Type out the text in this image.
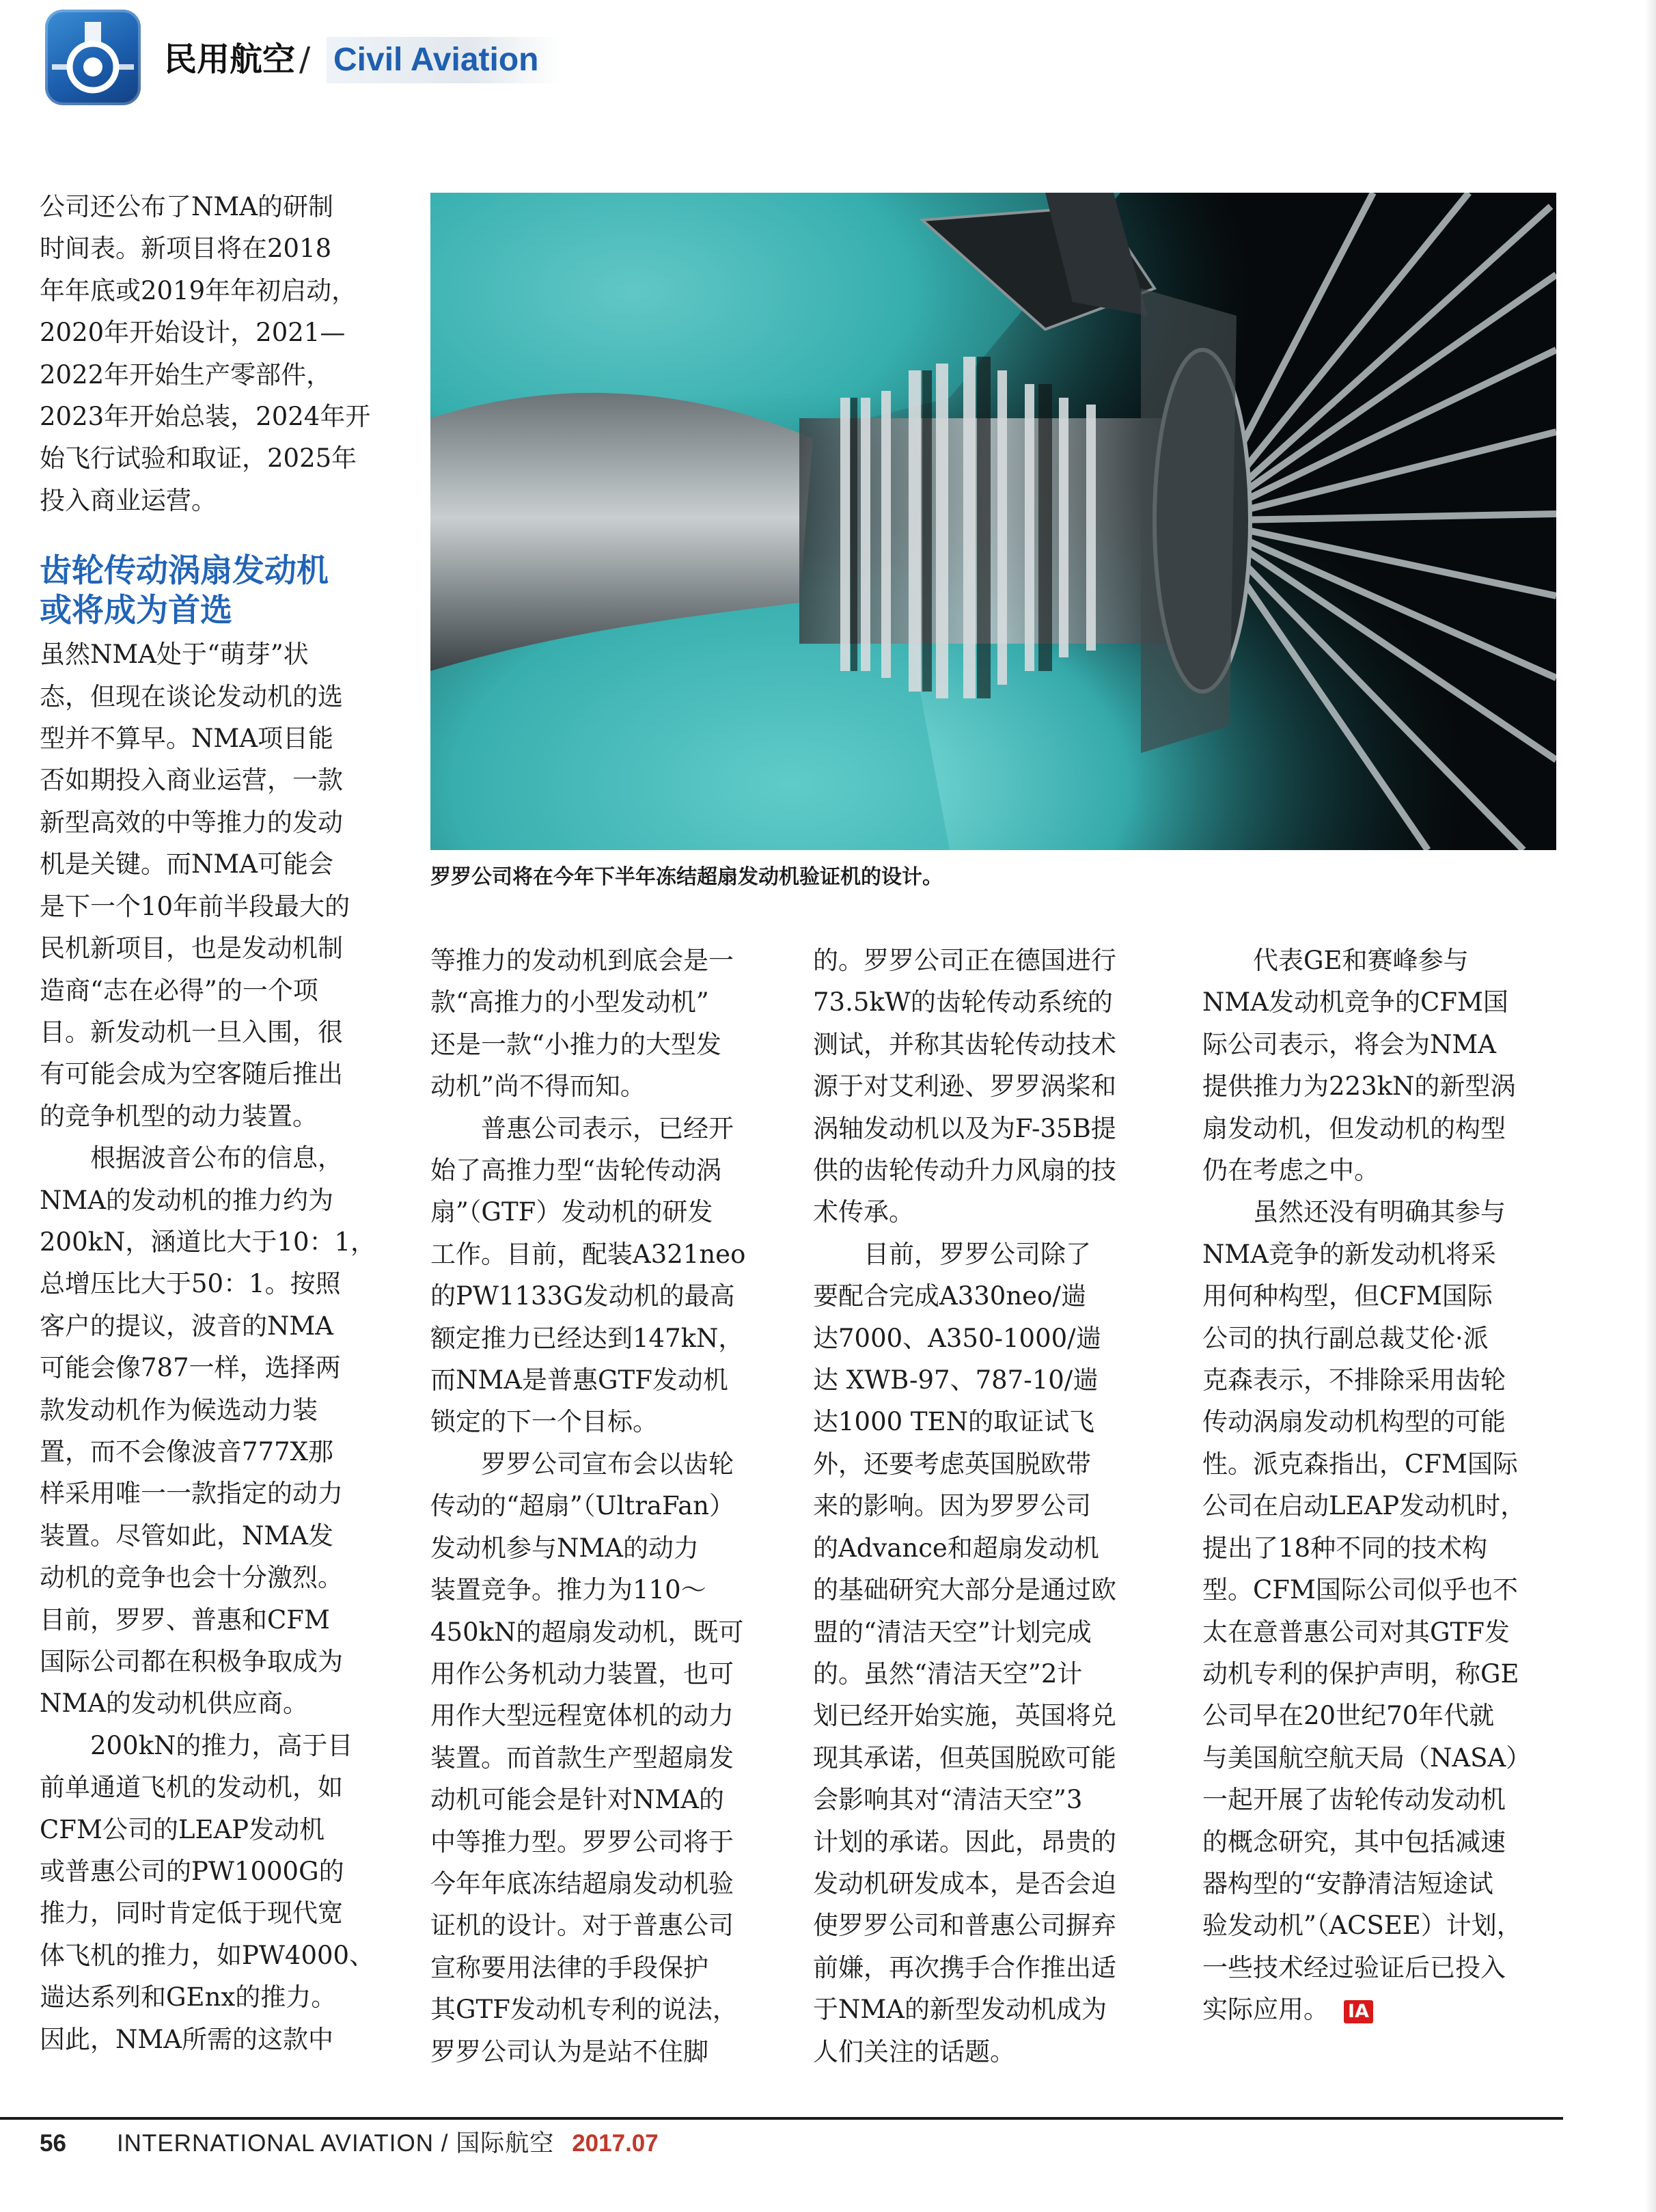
民用航空 / Civil Aviation
罗罗公司将在今年下半年冻结超扇发动机验证机的设计。

公司还公布了NMA的研制
时间表。新项目将在2018
年年底或2019年年初启动，
2020年开始设计，2021—
2022年开始生产零部件，
2023年开始总装，2024年开
始飞行试验和取证，2025年
投入商业运营。

齿轮传动涡扇发动机
或将成为首选

虽然NMA处于“萌芽”状
态，但现在谈论发动机的选
型并不算早。NMA项目能
否如期投入商业运营，一款
新型高效的中等推力的发动
机是关键。而NMA可能会
是下一个10年前半段最大的
民机新项目，也是发动机制
造商“志在必得”的一个项
目。新发动机一旦入围，很
有可能会成为空客随后推出
的竞争机型的动力装置。

根据波音公布的信息，
NMA的发动机的推力约为
200kN，涵道比大于10：1，
总增压比大于50：1。按照
客户的提议，波音的NMA
可能会像787一样，选择两
款发动机作为候选动力装
置，而不会像波音777X那
样采用唯一一款指定的动力
装置。尽管如此，NMA发
动机的竞争也会十分激烈。
目前，罗罗、普惠和CFM
国际公司都在积极争取成为
NMA的发动机供应商。

200kN的推力，高于目
前单通道飞机的发动机，如
CFM公司的LEAP发动机
或普惠公司的PW1000G的
推力，同时肯定低于现代宽
体飞机的推力，如PW4000、
遄达系列和GEnx的推力。
因此，NMA所需的这款中

等推力的发动机到底会是一
款“高推力的小型发动机”
还是一款“小推力的大型发
动机”尚不得而知。

普惠公司表示，已经开
始了高推力型“齿轮传动涡
扇”（GTF）发动机的研发
工作。目前，配装A321neo
的PW1133G发动机的最高
额定推力已经达到147kN，
而NMA是普惠GTF发动机
锁定的下一个目标。

罗罗公司宣布会以齿轮
传动的“超扇”（UltraFan）
发动机参与NMA的动力
装置竞争。推力为110～
450kN的超扇发动机，既可
用作公务机动力装置，也可
用作大型远程宽体机的动力
装置。而首款生产型超扇发
动机可能会是针对NMA的
中等推力型。罗罗公司将于
今年年底冻结超扇发动机验
证机的设计。对于普惠公司
宣称要用法律的手段保护
其GTF发动机专利的说法，
罗罗公司认为是站不住脚

的。罗罗公司正在德国进行
73.5kW的齿轮传动系统的
测试，并称其齿轮传动技术
源于对艾利逊、罗罗涡桨和
涡轴发动机以及为F-35B提
供的齿轮传动升力风扇的技
术传承。

目前，罗罗公司除了
要配合完成A330neo/遄
达7000、A350-1000/遄
达 XWB-97、787-10/遄
达1000 TEN的取证试飞
外，还要考虑英国脱欧带
来的影响。因为罗罗公司
的Advance和超扇发动机
的基础研究大部分是通过欧
盟的“清洁天空”计划完成
的。虽然“清洁天空”2计
划已经开始实施，英国将兑
现其承诺，但英国脱欧可能
会影响其对“清洁天空”3
计划的承诺。因此，昂贵的
发动机研发成本，是否会迫
使罗罗公司和普惠公司摒弃
前嫌，再次携手合作推出适
于NMA的新型发动机成为
人们关注的话题。

代表GE和赛峰参与
NMA发动机竞争的CFM国
际公司表示，将会为NMA
提供推力为223kN的新型涡
扇发动机，但发动机的构型
仍在考虑之中。

虽然还没有明确其参与
NMA竞争的新发动机将采
用何种构型，但CFM国际
公司的执行副总裁艾伦·派
克森表示，不排除采用齿轮
传动涡扇发动机构型的可能
性。派克森指出，CFM国际
公司在启动LEAP发动机时，
提出了18种不同的技术构
型。CFM国际公司似乎也不
太在意普惠公司对其GTF发
动机专利的保护声明，称GE
公司早在20世纪70年代就
与美国航空航天局（NASA）
一起开展了齿轮传动发动机
的概念研究，其中包括减速
器构型的“安静清洁短途试
验发动机”（ACSEE）计划，
一些技术经过验证后已投入

实际应用。 IA

56 INTERNATIONAL AVIATION / 国际航空 2017.07
